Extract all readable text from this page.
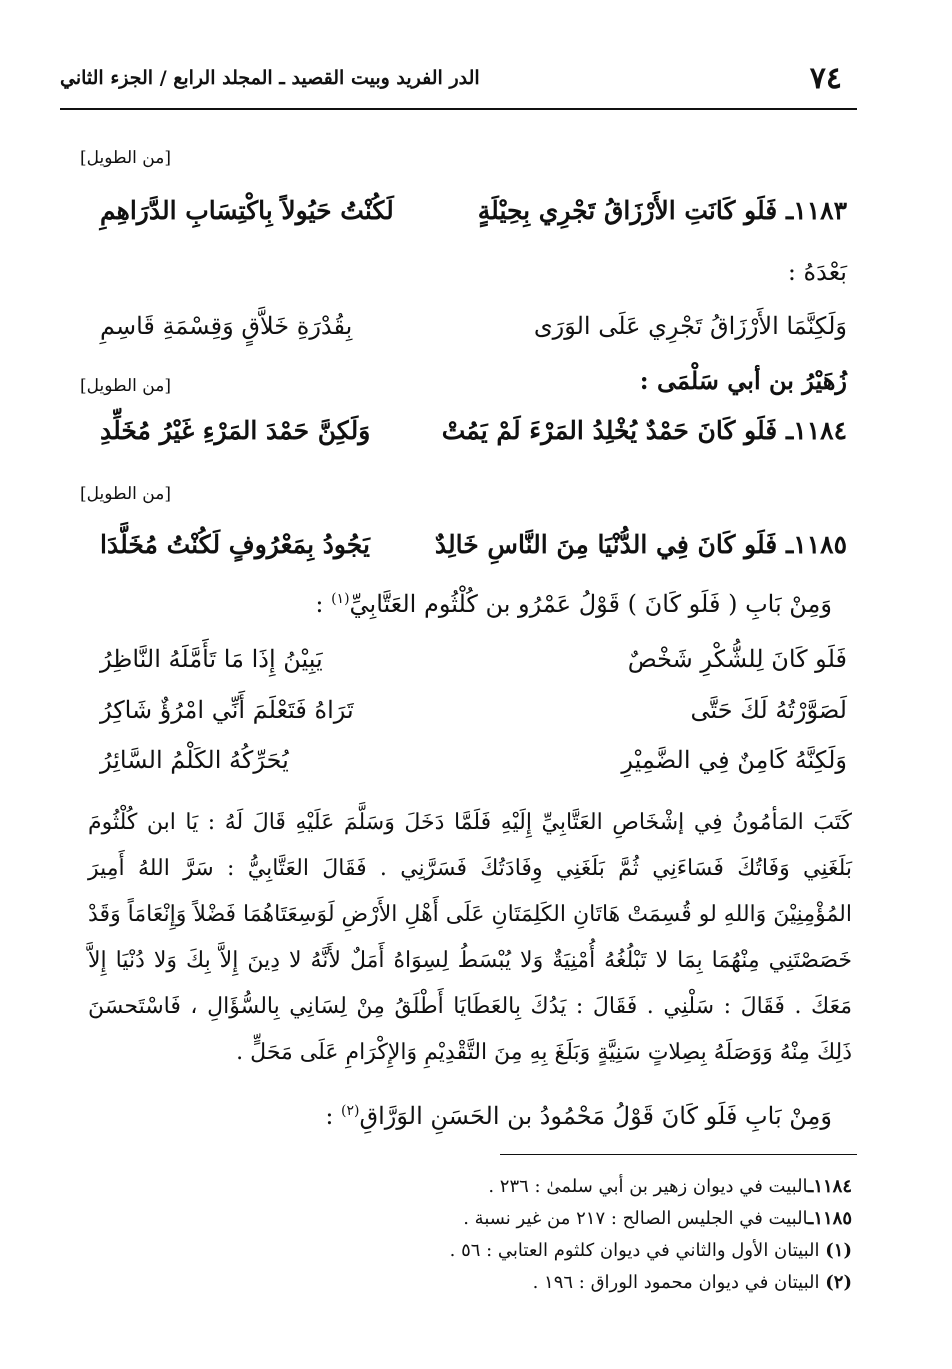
٧٤
الدر الفريد وبيت القصيد ـ المجلد الرابع / الجزء الثاني
[من الطويل]
١١٨٣ـ فَلَو كَانَتِ الأَرْزَاقُ تَجْرِي بِحِيْلَةٍ
لَكُنْتُ حَيُولاً بِاكْتِسَابِ الدَّرَاهِمِ
بَعْدَهُ :
وَلَكِنَّمَا الأَرْزَاقُ تَجْرِي عَلَى الوَرَى
بِقُدْرَةِ خَلاَّقٍ وَقِسْمَةِ قَاسِمِ
زُهَيْرُ بن أبي سَلْمَى :
[من الطويل]
١١٨٤ـ فَلَو كَانَ حَمْدٌ يُخْلِدُ المَرْءَ لَمْ يَمُتْ
وَلَكِنَّ حَمْدَ المَرْءِ غَيْرُ مُخَلِّدِ
[من الطويل]
١١٨٥ـ فَلَو كَانَ فِي الدُّنْيَا مِنَ النَّاسِ خَالِدٌ
يَجُودُ بِمَعْرُوفٍ لَكُنْتُ مُخَلَّدَا
وَمِنْ بَابِ ( فَلَو كَانَ ) قَوْلُ عَمْرُو بن كُلْثُوم العَتَّابِيِّ$^{(١)}$ :
فَلَو كَانَ لِلشُّكْرِ شَخْصٌ
يَبِيْنُ إِذَا مَا تَأَمَّلَهُ النَّاظِرُ
لَصَوَّرْتُهُ لَكَ حَتَّى
تَرَاهُ فَتَعْلَمَ أَنِّي امْرُؤٌ شَاكِرُ
وَلَكِنَّهُ كَامِنٌ فِي الضَّمِيْرِ
يُحَرِّكُهُ الكَلْمُ السَّائِرُ
كَتَبَ المَأمُونُ فِي إشْخَاصِ العَتَّابِيِّ إِلَيْهِ فَلَمَّا دَخَلَ وَسَلَّمَ عَلَيْهِ قَالَ لَهُ : يَا ابن كُلْثُومَ بَلَغَنِي وَفَاتُكَ فَسَاءَنِي ثُمَّ بَلَغَنِي وِفَادَتُكَ فَسَرَّنِي . فَقَالَ العَتَّابِيُّ : سَرَّ اللهُ أَمِيرَ المُؤْمِنِيْنَ وَاللهِ لو قُسِمَتْ هَاتَانِ الكَلِمَتَانِ عَلَى أَهْلِ الأَرْضِ لَوَسِعَتَاهُمَا فَضْلاً وَإِنْعَامَاً وَقَدْ خَصَصْتَنِي مِنْهُمَا بِمَا لا تَبْلُغُهُ أُمْنِيَةٌ وَلا يُبْسَطُ لِسِوَاهُ أَمَلٌ لأَنَّهُ لا دِينَ إِلاَّ بِكَ وَلا دُنْيَا إِلاَّ مَعَكَ . فَقَالَ : سَلْنِي . فَقَالَ : يَدُكَ بِالعَطَايَا أَطْلَقُ مِنْ لِسَانِي بِالسُّؤَالِ ، فَاسْتَحسَنَ ذَلِكَ مِنْهُ وَوَصَلَهُ بِصِلاتٍ سَنِيَّةٍ وَبَلَغَ بِهِ مِنَ التَّقْدِيْمِ وَالإِكْرَامِ عَلَى مَحَلٍّ .
وَمِنْ بَابِ فَلَو كَانَ قَوْلُ مَحْمُودُ بن الحَسَنِ الوَرَّاقِ$^{(٢)}$ :
١١٨٤ـالبيت في ديوان زهير بن أبي سلمىٰ : ٢٣٦ .
١١٨٥ـالبيت في الجليس الصالح : ٢١٧ من غير نسبة .
(١) البيتان الأول والثاني في ديوان كلثوم العتابي : ٥٦ .
(٢) البيتان في ديوان محمود الوراق : ١٩٦ .
